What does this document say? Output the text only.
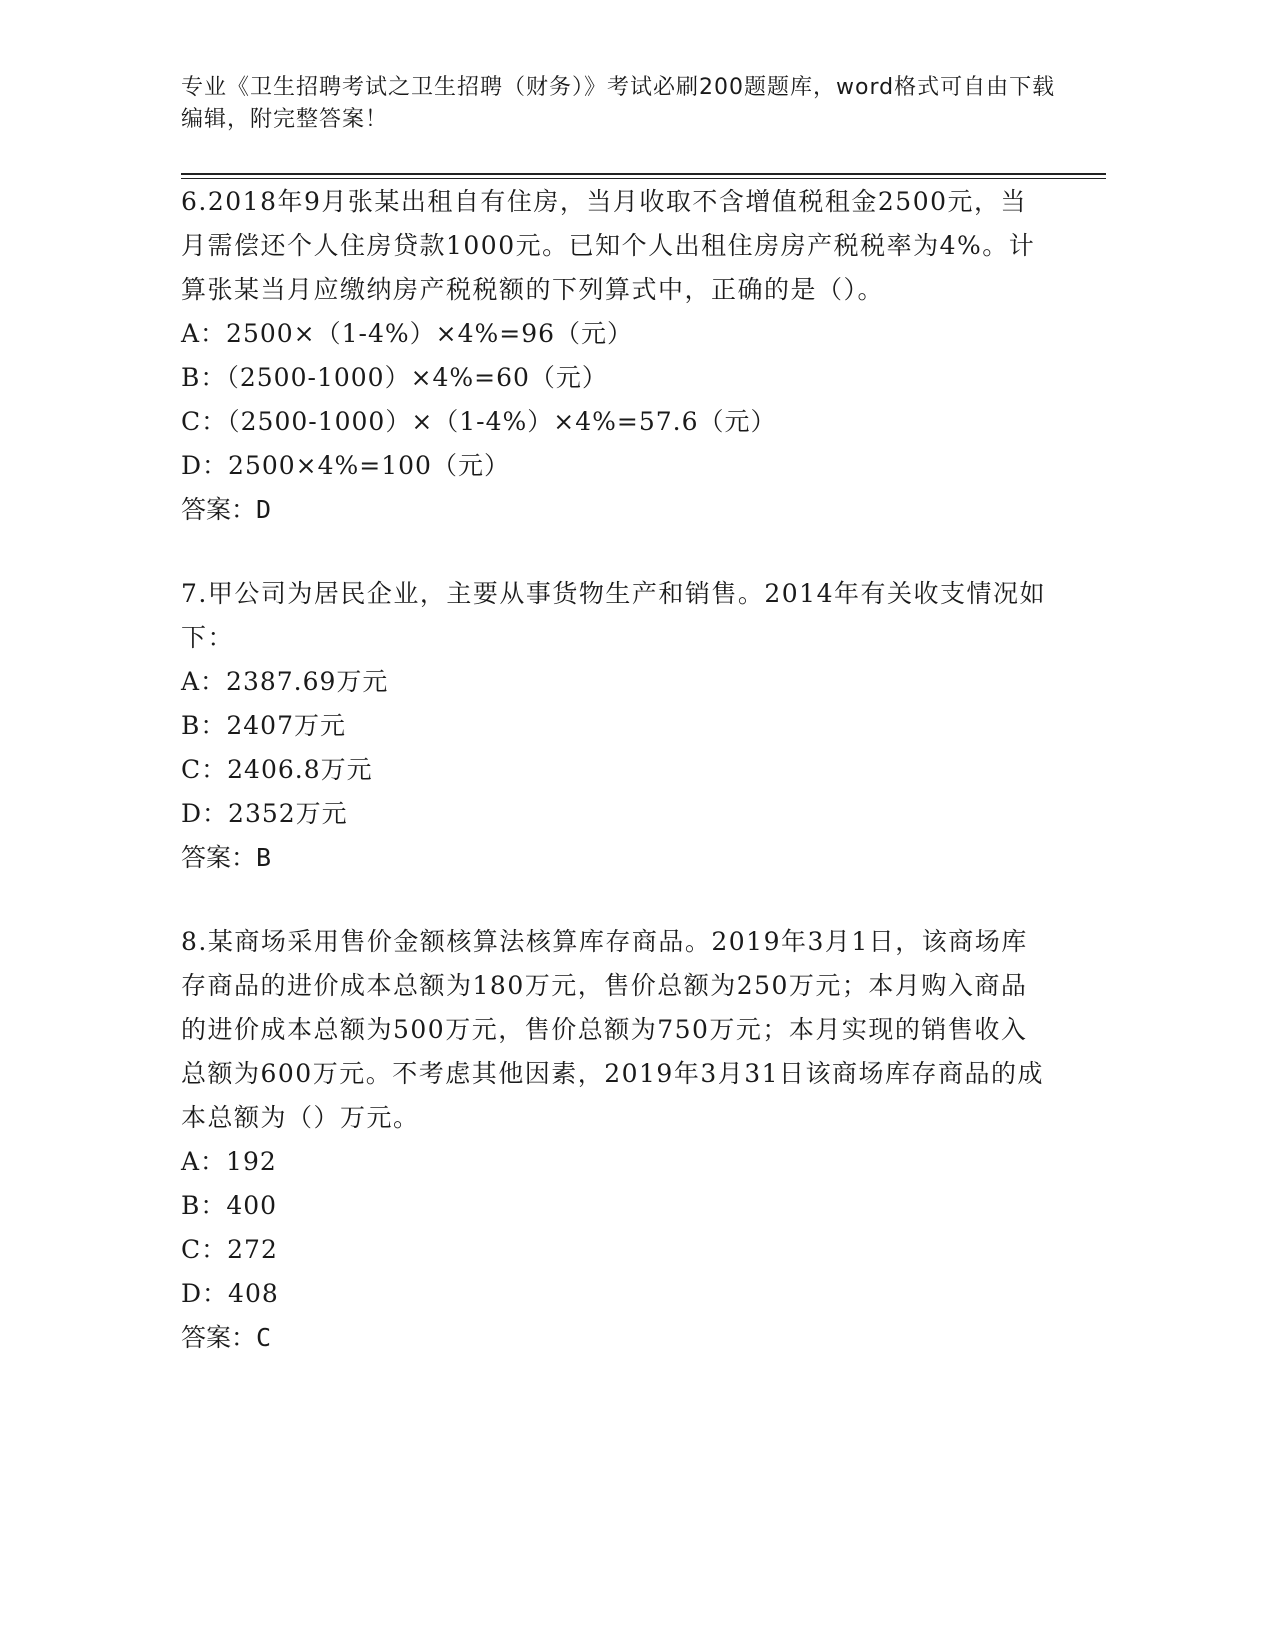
专业《卫生招聘考试之卫生招聘（财务）》考试必刷200题题库，word格式可自由下载编辑，附完整答案！

6.2018年9月张某出租自有住房，当月收取不含增值税租金2500元，当月需偿还个人住房贷款1000元。已知个人出租住房房产税税率为4%。计算张某当月应缴纳房产税税额的下列算式中，正确的是（）。

A：2500×（1-4%）×4%=96（元）

B：（2500-1000）×4%=60（元）

C：（2500-1000）×（1-4%）×4%=57.6（元）

D：2500×4%=100（元）

答案：D

7.甲公司为居民企业，主要从事货物生产和销售。2014年有关收支情况如下：

A：2387.69万元

B：2407万元

C：2406.8万元

D：2352万元

答案：B

8.某商场采用售价金额核算法核算库存商品。2019年3月1日，该商场库存商品的进价成本总额为180万元，售价总额为250万元；本月购入商品的进价成本总额为500万元，售价总额为750万元；本月实现的销售收入总额为600万元。不考虑其他因素，2019年3月31日该商场库存商品的成本总额为（）万元。

A：192

B：400

C：272

D：408

答案：C
